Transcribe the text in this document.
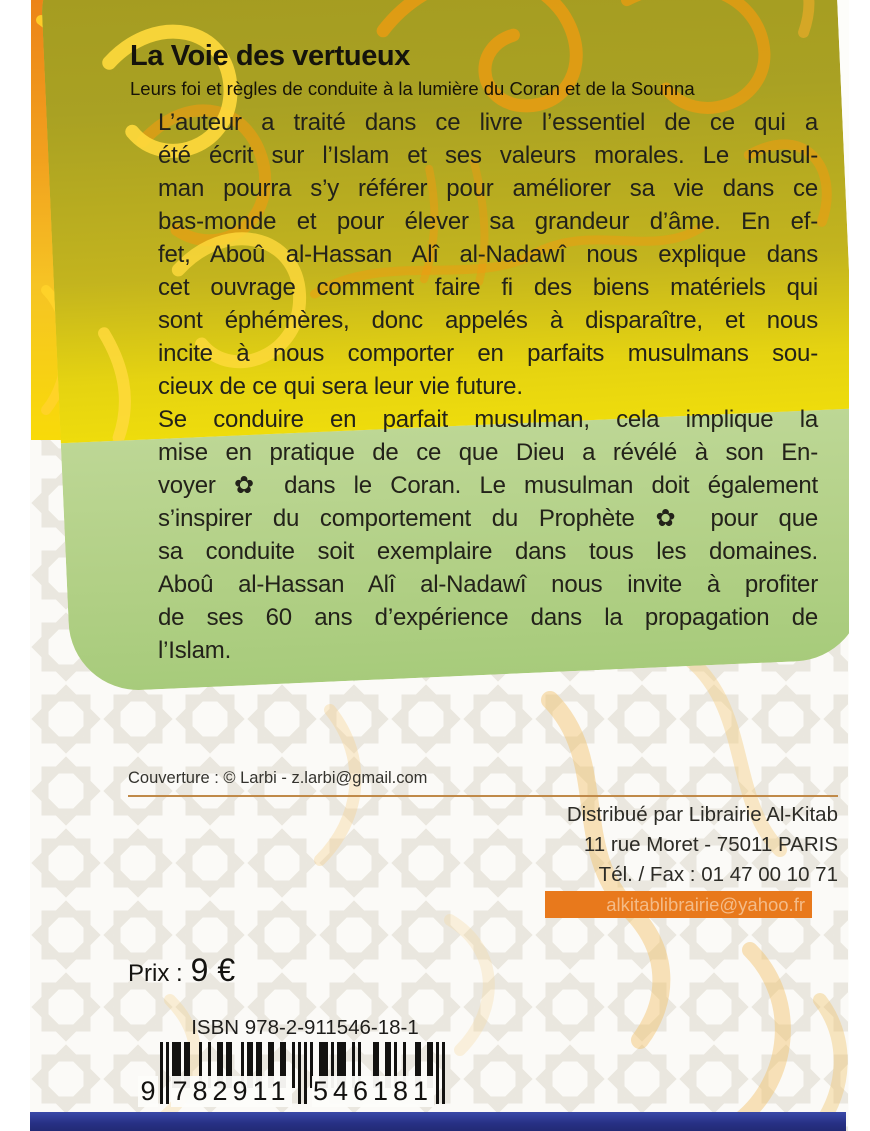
La Voie des vertueux
Leurs foi et règles de conduite à la lumière du Coran et de la Sounna
L’auteur a traité dans ce livre l’essentiel de ce qui a
été écrit sur l’Islam et ses valeurs morales. Le musul-
man pourra s’y référer pour améliorer sa vie dans ce
bas-monde et pour élever sa grandeur d’âme. En ef-
fet, Aboû al-Hassan Alî al-Nadawî nous explique dans
cet ouvrage comment faire fi des biens matériels qui
sont éphémères, donc appelés à disparaître, et nous
incite à nous comporter en parfaits musulmans sou-
cieux de ce qui sera leur vie future.
Se conduire en parfait musulman, cela implique la
mise en pratique de ce que Dieu a révélé à son En-
voyer ✿ dans le Coran. Le musulman doit également
s’inspirer du comportement du Prophète ✿ pour que
sa conduite soit exemplaire dans tous les domaines.
Aboû al-Hassan Alî al-Nadawî nous invite à profiter
de ses 60 ans d’expérience dans la propagation de
l’Islam.
Couverture : © Larbi - z.larbi@gmail.com
Distribué par Librairie Al-Kitab
11 rue Moret - 75011 PARIS
Tél. / Fax : 01 47 00 10 71
alkitablibrairie@yahoo.fr
Prix : 9 €
ISBN 978-2-911546-18-1
9 782911 546181
